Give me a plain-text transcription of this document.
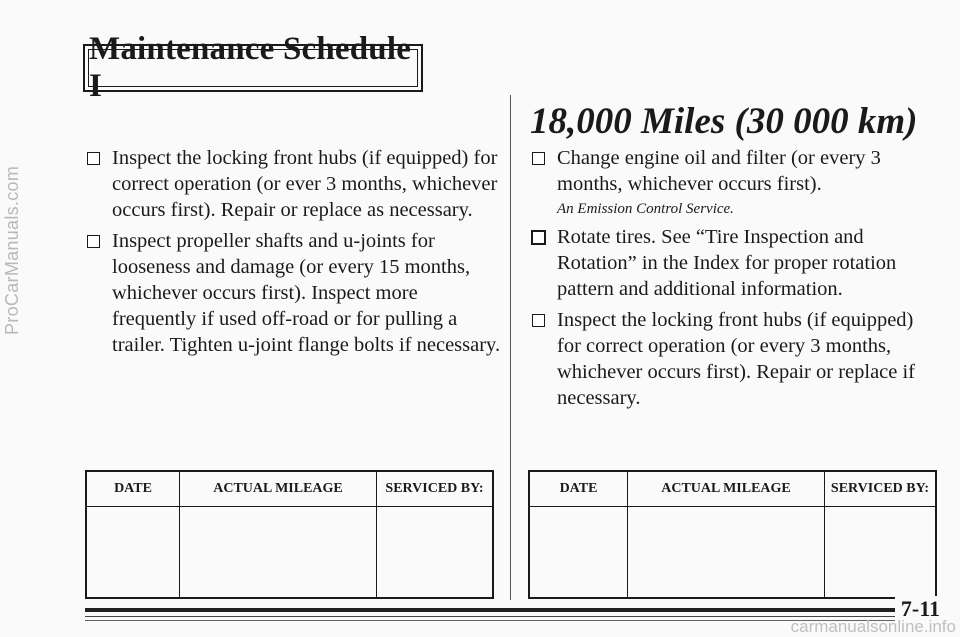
ProCarManuals.com
Maintenance Schedule I
18,000 Miles (30 000 km)
Inspect the locking front hubs (if equipped) for correct operation (or ever 3 months, whichever occurs first). Repair or replace as necessary.
Inspect propeller shafts and u-joints for looseness and damage (or every 15 months, whichever occurs first). Inspect more frequently if used off-road or for pulling a trailer. Tighten u-joint flange bolts if necessary.
Change engine oil and filter (or every 3 months, whichever occurs first).
An Emission Control Service.
Rotate tires. See “Tire Inspection and Rotation” in the Index for proper rotation pattern and additional information.
Inspect the locking front hubs (if equipped) for correct operation (or every 3 months, whichever occurs first). Repair or replace if necessary.
DATE	ACTUAL MILEAGE	SERVICED BY:
			DATE	ACTUAL MILEAGE	SERVICED BY:

7-11
carmanualsonline.info
